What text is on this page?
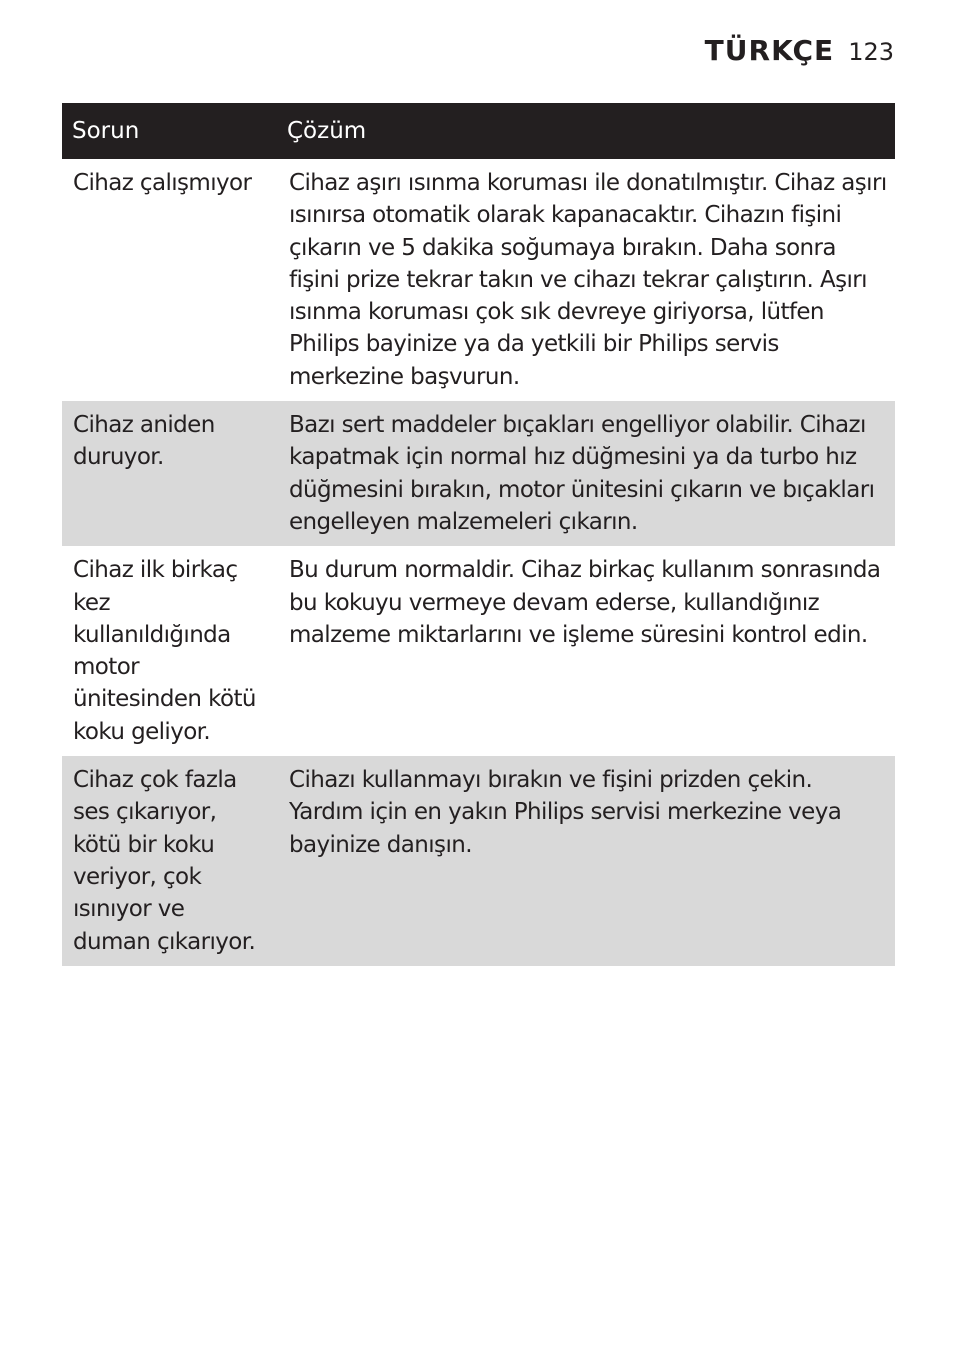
TÜRKÇE 123
Sorun	Çözüm
Cihaz çalışmıyor	Cihaz aşırı ısınma koruması ile donatılmıştır. Cihaz aşırı ısınırsa otomatik olarak kapanacaktır. Cihazın fişini çıkarın ve 5 dakika soğumaya bırakın. Daha sonra fişini prize tekrar takın ve cihazı tekrar çalıştırın. Aşırı ısınma koruması çok sık devreye giriyorsa, lütfen Philips bayinize ya da yetkili bir Philips servis merkezine başvurun.
Cihaz aniden duruyor.	Bazı sert maddeler bıçakları engelliyor olabilir. Cihazı kapatmak için normal hız düğmesini ya da turbo hız düğmesini bırakın, motor ünitesini çıkarın ve bıçakları engelleyen malzemeleri çıkarın.
Cihaz ilk birkaç kez kullanıldığında motor ünitesinden kötü koku geliyor.	Bu durum normaldir. Cihaz birkaç kullanım sonrasında bu kokuyu vermeye devam ederse, kullandığınız malzeme miktarlarını ve işleme süresini kontrol edin.
Cihaz çok fazla ses çıkarıyor, kötü bir koku veriyor, çok ısınıyor ve duman çıkarıyor.	Cihazı kullanmayı bırakın ve fişini prizden çekin. Yardım için en yakın Philips servisi merkezine veya bayinize danışın.
